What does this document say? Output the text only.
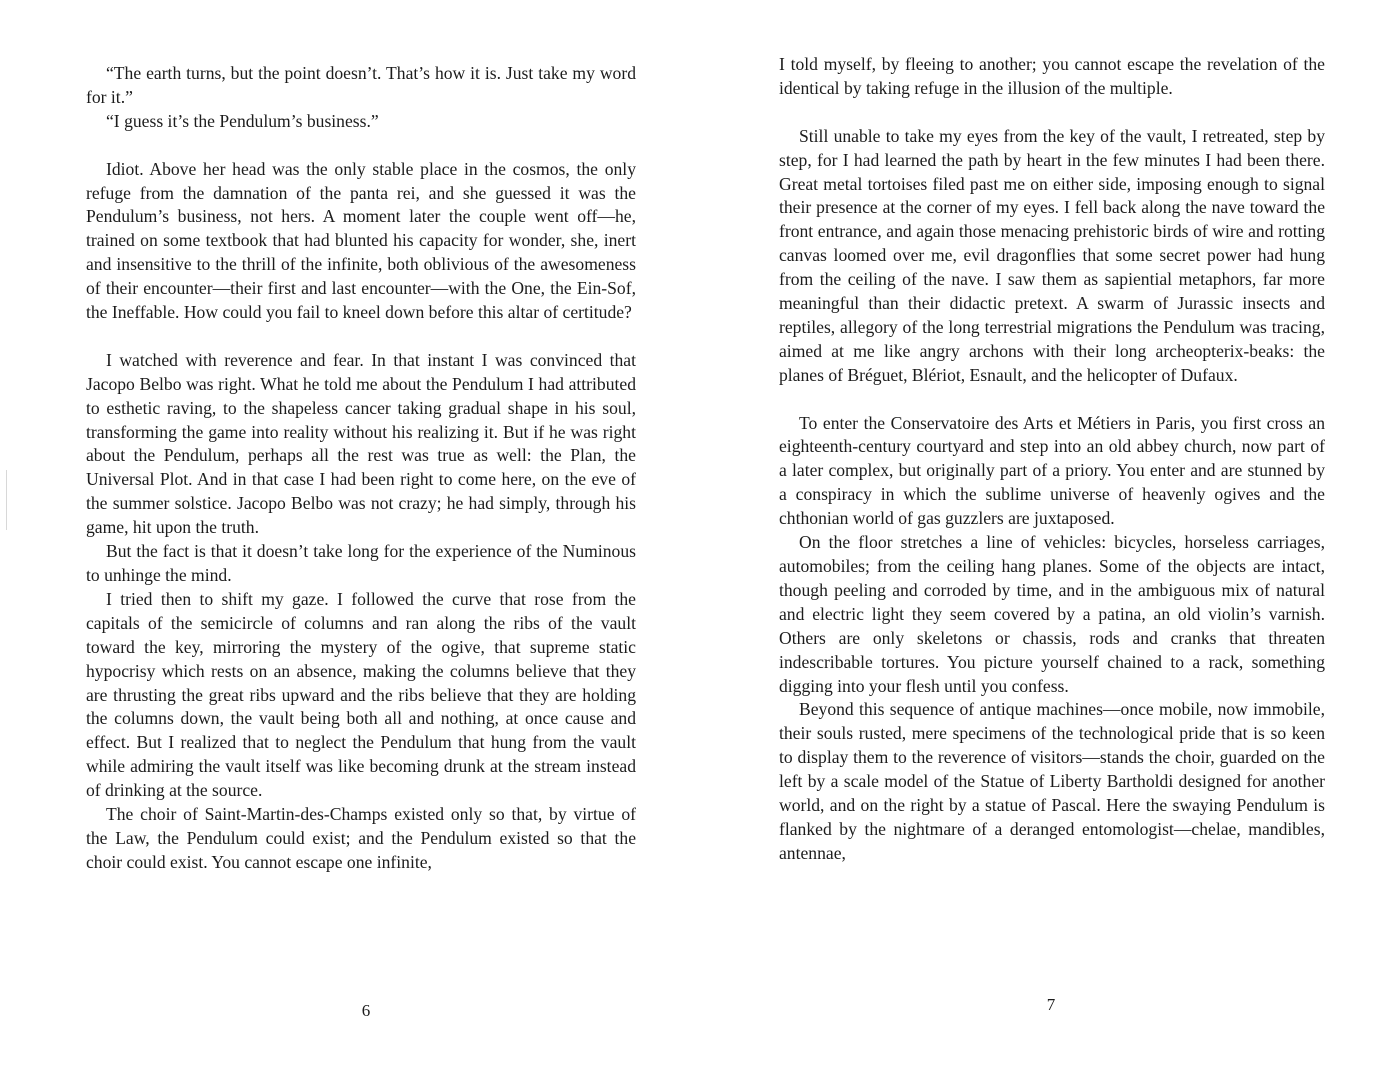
“The earth turns, but the point doesn’t. That’s how it is. Just take my word for it.”

“I guess it’s the Pendulum’s business.”

Idiot. Above her head was the only stable place in the cosmos, the only refuge from the damnation of the panta rei, and she guessed it was the Pendulum’s business, not hers. A moment later the couple went off—he, trained on some textbook that had blunted his capacity for wonder, she, inert and insensitive to the thrill of the infinite, both oblivious of the awesomeness of their encounter—their first and last encounter—with the One, the Ein-Sof, the Ineffable. How could you fail to kneel down before this altar of certitude?

I watched with reverence and fear. In that instant I was convinced that Jacopo Belbo was right. What he told me about the Pendulum I had attributed to esthetic raving, to the shapeless cancer taking gradual shape in his soul, transforming the game into reality without his realizing it. But if he was right about the Pendulum, perhaps all the rest was true as well: the Plan, the Universal Plot. And in that case I had been right to come here, on the eve of the summer solstice. Jacopo Belbo was not crazy; he had simply, through his game, hit upon the truth.

But the fact is that it doesn’t take long for the experience of the Numinous to unhinge the mind.

I tried then to shift my gaze. I followed the curve that rose from the capitals of the semicircle of columns and ran along the ribs of the vault toward the key, mirroring the mystery of the ogive, that supreme static hypocrisy which rests on an absence, making the columns believe that they are thrusting the great ribs upward and the ribs believe that they are holding the columns down, the vault being both all and nothing, at once cause and effect. But I realized that to neglect the Pendulum that hung from the vault while admiring the vault itself was like becoming drunk at the stream instead of drinking at the source.

The choir of Saint-Martin-des-Champs existed only so that, by virtue of the Law, the Pendulum could exist; and the Pendulum existed so that the choir could exist. You cannot escape one infinite,

6

I told myself, by fleeing to another; you cannot escape the revelation of the identical by taking refuge in the illusion of the multiple.

Still unable to take my eyes from the key of the vault, I retreated, step by step, for I had learned the path by heart in the few minutes I had been there. Great metal tortoises filed past me on either side, imposing enough to signal their presence at the corner of my eyes. I fell back along the nave toward the front entrance, and again those menacing prehistoric birds of wire and rotting canvas loomed over me, evil dragonflies that some secret power had hung from the ceiling of the nave. I saw them as sapiential metaphors, far more meaningful than their didactic pretext. A swarm of Jurassic insects and reptiles, allegory of the long terrestrial migrations the Pendulum was tracing, aimed at me like angry archons with their long archeopterix-beaks: the planes of Bréguet, Blériot, Esnault, and the helicopter of Dufaux.

To enter the Conservatoire des Arts et Métiers in Paris, you first cross an eighteenth-century courtyard and step into an old abbey church, now part of a later complex, but originally part of a priory. You enter and are stunned by a conspiracy in which the sublime universe of heavenly ogives and the chthonian world of gas guzzlers are juxtaposed.

On the floor stretches a line of vehicles: bicycles, horseless carriages, automobiles; from the ceiling hang planes. Some of the objects are intact, though peeling and corroded by time, and in the ambiguous mix of natural and electric light they seem covered by a patina, an old violin’s varnish. Others are only skeletons or chassis, rods and cranks that threaten indescribable tortures. You picture yourself chained to a rack, something digging into your flesh until you confess.

Beyond this sequence of antique machines—once mobile, now immobile, their souls rusted, mere specimens of the technological pride that is so keen to display them to the reverence of visitors—stands the choir, guarded on the left by a scale model of the Statue of Liberty Bartholdi designed for another world, and on the right by a statue of Pascal. Here the swaying Pendulum is flanked by the nightmare of a deranged entomologist—chelae, mandibles, antennae,

7
